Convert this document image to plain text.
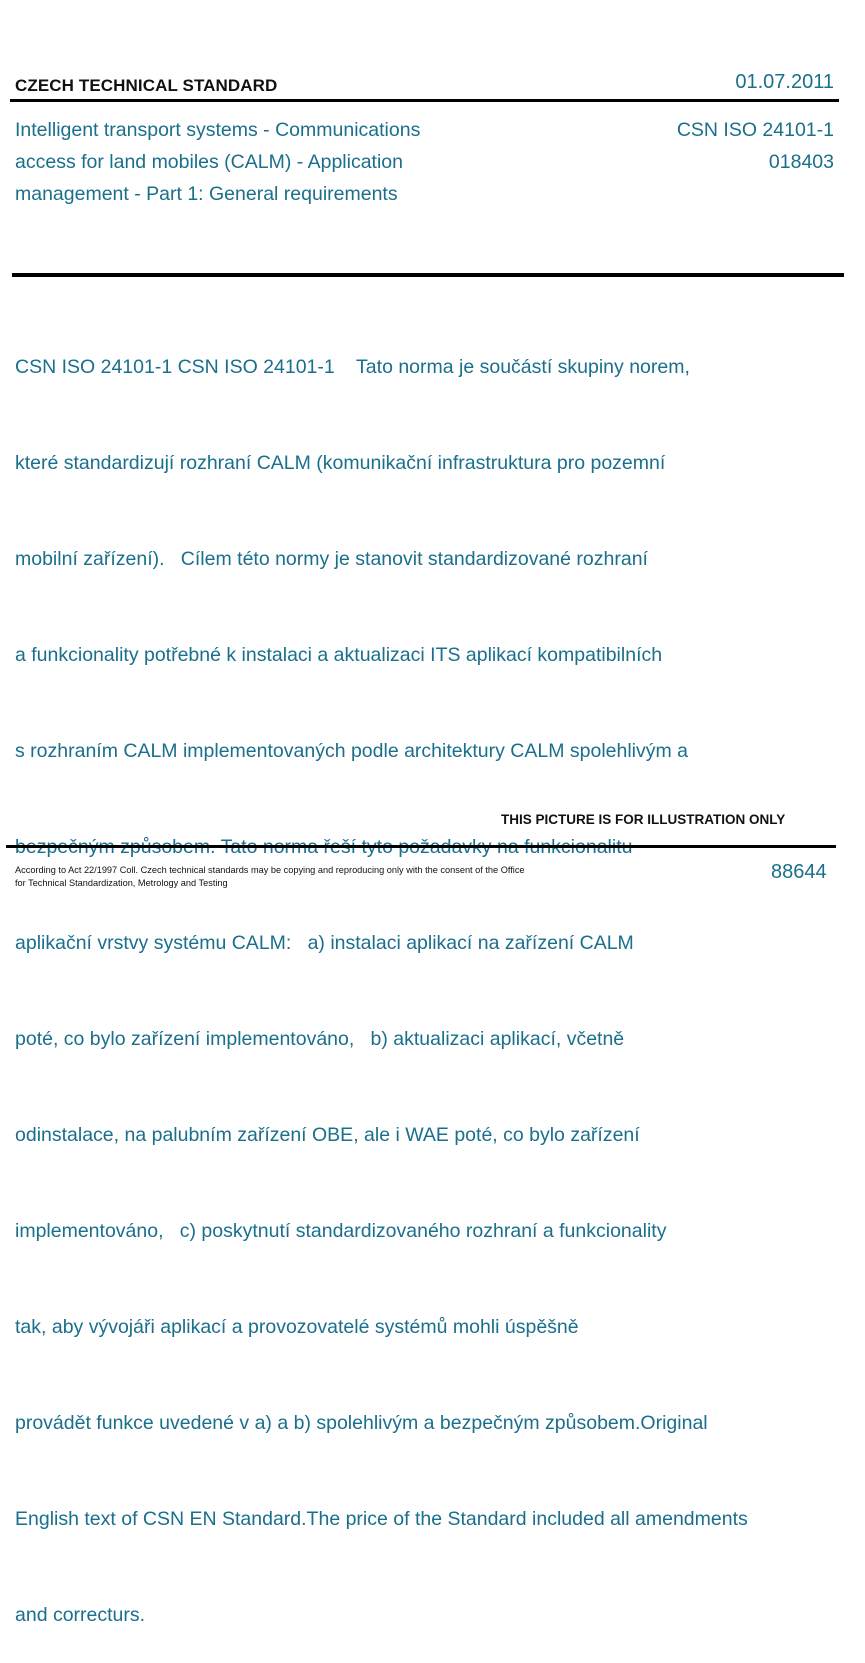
CZECH TECHNICAL STANDARD	01.07.2011
Intelligent transport systems - Communications
access for land mobiles (CALM) - Application
management - Part 1: General requirements
CSN ISO 24101-1
018403

CSN ISO 24101-1 CSN ISO 24101-1    Tato norma je součástí skupiny norem,

které standardizují rozhraní CALM (komunikační infrastruktura pro pozemní

mobilní zařízení).   Cílem této normy je stanovit standardizované rozhraní

a funkcionality potřebné k instalaci a aktualizaci ITS aplikací kompatibilních

s rozhraním CALM implementovaných podle architektury CALM spolehlivým a

aplikační vrstvy systému CALM:   a) instalaci aplikací na zařízení CALM

poté, co bylo zařízení implementováno,   b) aktualizaci aplikací, včetně

odinstalace, na palubním zařízení OBE, ale i WAE poté, co bylo zařízení

implementováno,   c) poskytnutí standardizovaného rozhraní a funkcionality

tak, aby vývojáři aplikací a provozovatelé systémů mohli úspěšně

provádět funkce uvedené v a) a b) spolehlivým a bezpečným způsobem.Original

English text of CSN EN Standard.The price of the Standard included all amendments

and correcturs.

THIS PICTURE IS FOR ILLUSTRATION ONLY
According to Act 22/1997 Coll. Czech technical standards may be copying and reproducing only with the consent of the Office
for Technical Standardization, Metrology and Testing	88644
